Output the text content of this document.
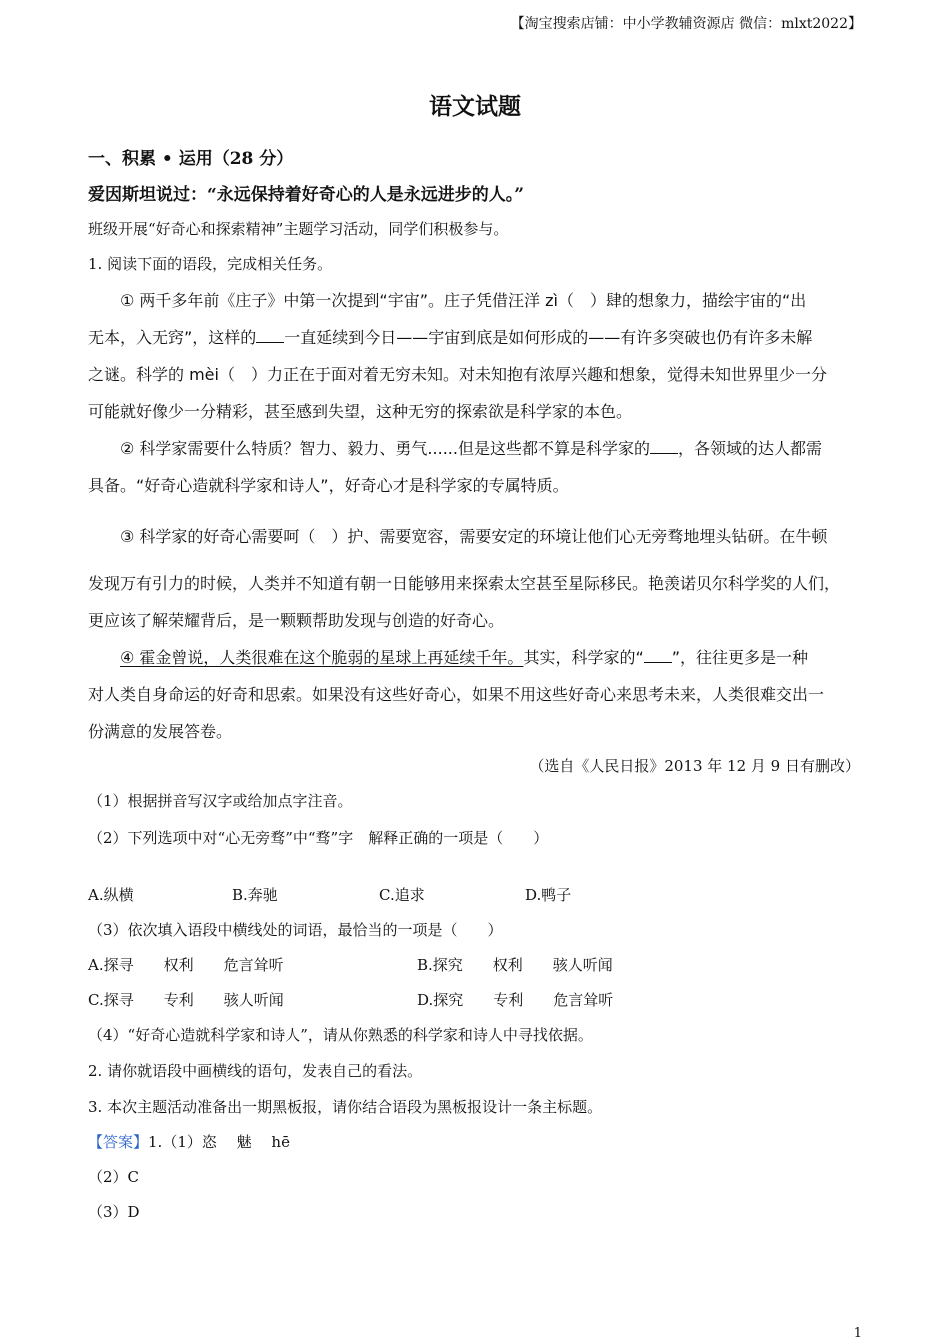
【淘宝搜索店铺：中小学教辅资源店 微信：mlxt2022】
语文试题
一、积累 • 运用（28 分）
爱因斯坦说过：“永远保持着好奇心的人是永远进步的人。”
班级开展“好奇心和探索精神”主题学习活动，同学们积极参与。
1. 阅读下面的语段，完成相关任务。
① 两千多年前《庄子》中第一次提到“宇宙”。庄子凭借汪洋 zì（　）肆的想象力，描绘宇宙的“出
无本，入无窍”，这样的 一直延续到今日——宇宙到底是如何形成的——有许多突破也仍有许多未解
之谜。科学的 mèi（　）力正在于面对着无穷未知。对未知抱有浓厚兴趣和想象，觉得未知世界里少一分
可能就好像少一分精彩，甚至感到失望，这种无穷的探索欲是科学家的本色。
② 科学家需要什么特质？智力、毅力、勇气......但是这些都不算是科学家的 ，各领域的达人都需
具备。“好奇心造就科学家和诗人”，好奇心才是科学家的专属特质。
③ 科学家的好奇心需要呵（　）护、需要宽容，需要安定的环境让他们心无旁骛地埋头钻研。在牛顿
发现万有引力的时候，人类并不知道有朝一日能够用来探索太空甚至星际移民。艳羡诺贝尔科学奖的人们，
更应该了解荣耀背后，是一颗颗帮助发现与创造的好奇心。
④ 霍金曾说，人类很难在这个脆弱的星球上再延续千年。其实，科学家的“ ”，往往更多是一种
对人类自身命运的好奇和思索。如果没有这些好奇心，如果不用这些好奇心来思考未来，人类很难交出一
份满意的发展答卷。
（选自《人民日报》2013 年 12 月 9 日有删改）
（1）根据拼音写汉字或给加点字注音。
（2）下列选项中对“心无旁骛”中“骛”字　解释正确的一项是（　　）
A.纵横	B.奔驰	C.追求	D.鸭子
（3）依次填入语段中横线处的词语，最恰当的一项是（　　）
A.探寻　　权利　　危言耸听	B.探究　　权利　　骇人听闻
C.探寻　　专利　　骇人听闻	D.探究　　专利　　危言耸听
（4）“好奇心造就科学家和诗人”，请从你熟悉的科学家和诗人中寻找依据。
2. 请你就语段中画横线的语句，发表自己的看法。
3. 本次主题活动准备出一期黑板报，请你结合语段为黑板报设计一条主标题。
【答案】1.（1）恣　 魅　 hē
（2）C
（3）D
1
